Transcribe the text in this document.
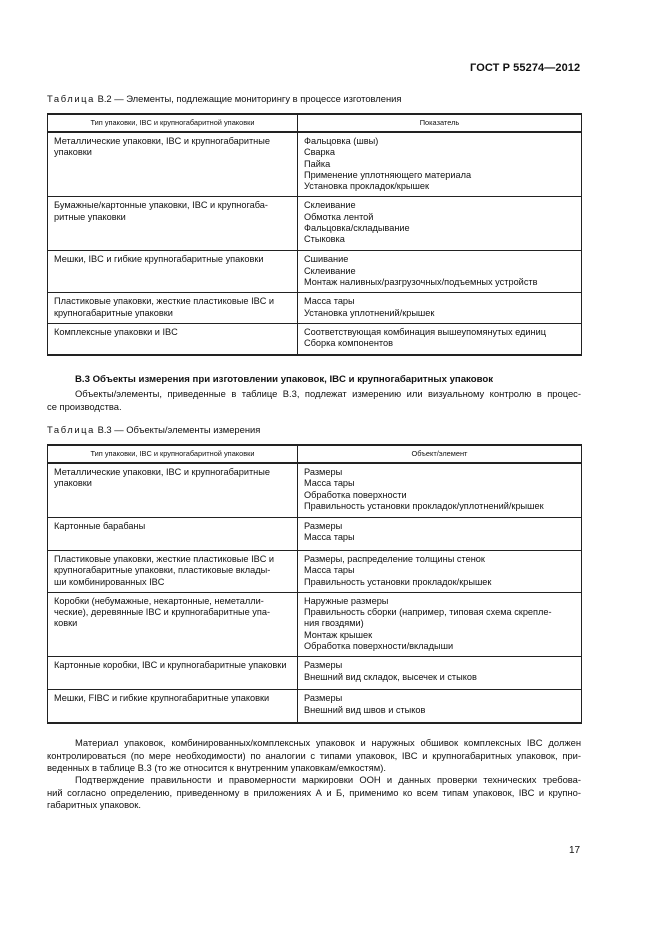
ГОСТ Р 55274—2012
Таблица В.2 — Элементы, подлежащие мониторингу в процессе изготовления
Тип упаковки, IBC и крупногабаритной упаковки	Показатель

Металлические упаковки, IBC и крупногабаритные
упаковки	Фальцовка (швы)
Сварка
Пайка
Применение уплотняющего материала
Установка прокладок/крышек

Бумажные/картонные упаковки, IBC и крупногаба-
ритные упаковки	Склеивание
Обмотка лентой
Фальцовка/складывание
Стыковка

Мешки, IBC и гибкие крупногабаритные упаковки	Сшивание
Склеивание
Монтаж наливных/разгрузочных/подъемных устройств

Пластиковые упаковки, жесткие пластиковые IBC и
крупногабаритные упаковки	Масса тары
Установка уплотнений/крышек

Комплексные упаковки и IBC	Соответствующая комбинация вышеупомянутых единиц
Сборка компонентов
В.3 Объекты измерения при изготовлении упаковок, IBC и крупногабаритных упаковок
Объекты/элементы, приведенные в таблице В.3, подлежат измерению или визуальному контролю в процес-
се производства.
Таблица В.3 — Объекты/элементы измерения
Тип упаковки, IBC и крупногабаритной упаковки	Объект/элемент

Металлические упаковки, IBC и крупногабаритные
упаковки	Размеры
Масса тары
Обработка поверхности
Правильность установки прокладок/уплотнений/крышек

Картонные барабаны	Размеры
Масса тары

Пластиковые упаковки, жесткие пластиковые IBC и
крупногабаритные упаковки, пластиковые вклады-
ши комбинированных IBC	Размеры, распределение толщины стенок
Масса тары
Правильность установки прокладок/крышек

Коробки (небумажные, некартонные, неметалли-
ческие), деревянные IBC и крупногабаритные упа-
ковки	Наружные размеры
Правильность сборки (например, типовая схема скрепле-
ния гвоздями)
Монтаж крышек
Обработка поверхности/вкладыши

Картонные коробки, IBC и крупногабаритные упаковки	Размеры
Внешний вид складок, высечек и стыков

Мешки, FIBC и гибкие крупногабаритные упаковки	Размеры
Внешний вид швов и стыков
Материал упаковок, комбинированных/комплексных упаковок и наружных обшивок комплексных IBC должен
контролироваться (по мере необходимости) по аналогии с типами упаковок, IBC и крупногабаритных упаковок, при-
веденных в таблице В.3 (то же относится к внутренним упаковкам/емкостям).
Подтверждение правильности и правомерности маркировки ООН и данных проверки технических требова-
ний согласно определению, приведенному в приложениях А и Б, применимо ко всем типам упаковок, IBC и крупно-
габаритных упаковок.
17
